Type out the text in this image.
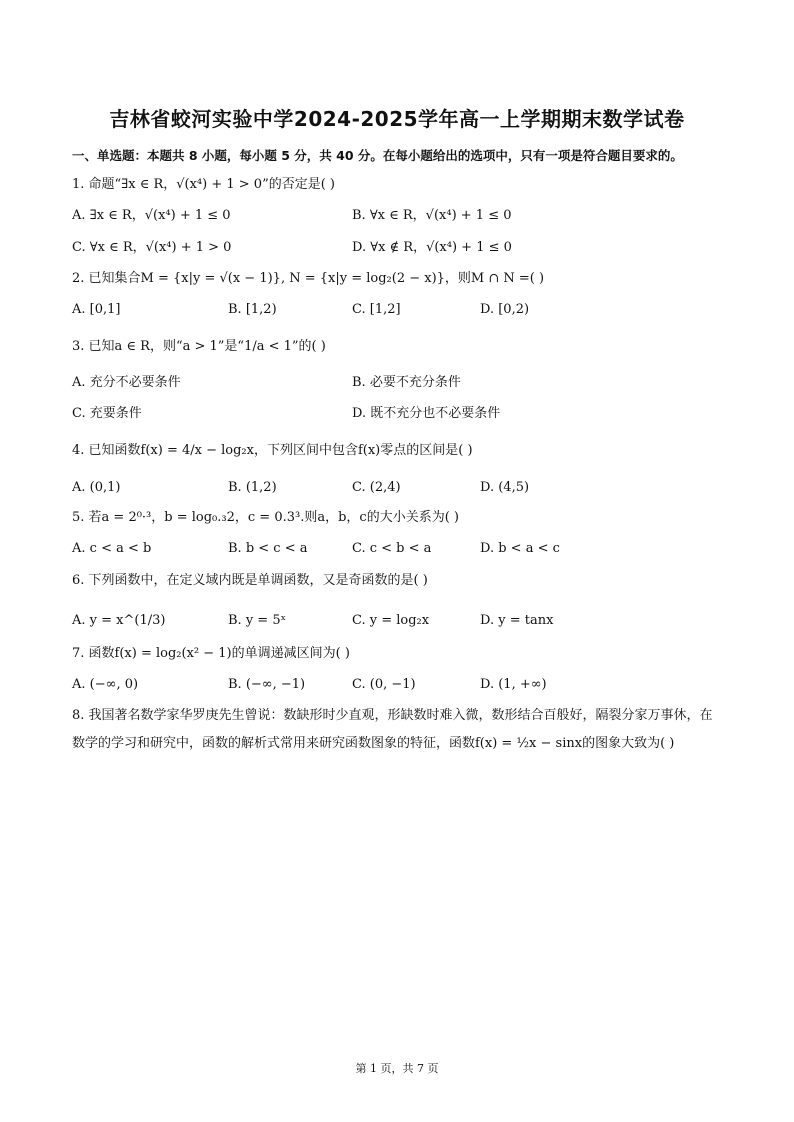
吉林省蛟河实验中学2024-2025学年高一上学期期末数学试卷
一、单选题：本题共 8 小题，每小题 5 分，共 40 分。在每小题给出的选项中，只有一项是符合题目要求的。
1. 命题“∃x ∈ R，√(x⁴) + 1 > 0”的否定是( )
A. ∃x ∈ R，√(x⁴) + 1 ≤ 0	B. ∀x ∈ R，√(x⁴) + 1 ≤ 0
C. ∀x ∈ R，√(x⁴) + 1 > 0	D. ∀x ∉ R，√(x⁴) + 1 ≤ 0
2. 已知集合M = {x|y = √(x − 1)}, N = {x|y = log₂(2 − x)}，则M ∩ N =( )
A. [0,1]	B. [1,2)	C. [1,2]	D. [0,2)
3. 已知a ∈ R，则“a > 1”是“1/a < 1”的( )
A. 充分不必要条件	B. 必要不充分条件
C. 充要条件	D. 既不充分也不必要条件
4. 已知函数f(x) = 4/x − log₂x，下列区间中包含f(x)零点的区间是( )
A. (0,1)	B. (1,2)	C. (2,4)	D. (4,5)
5. 若a = 2⁰·³，b = log₀.₃2，c = 0.3³.则a，b，c的大小关系为( )
A. c < a < b	B. b < c < a	C. c < b < a	D. b < a < c
6. 下列函数中，在定义域内既是单调函数，又是奇函数的是( )
A. y = x^(1/3)	B. y = 5ˣ	C. y = log₂x	D. y = tanx
7. 函数f(x) = log₂(x² − 1)的单调递减区间为( )
A. (−∞, 0)	B. (−∞, −1)	C. (0, −1)	D. (1, +∞)
8. 我国著名数学家华罗庚先生曾说：数缺形时少直观，形缺数时难入微，数形结合百般好，隔裂分家万事休，在数学的学习和研究中，函数的解析式常用来研究函数图象的特征，函数f(x) = ½x − sinx的图象大致为( )
第 1 页，共 7 页
